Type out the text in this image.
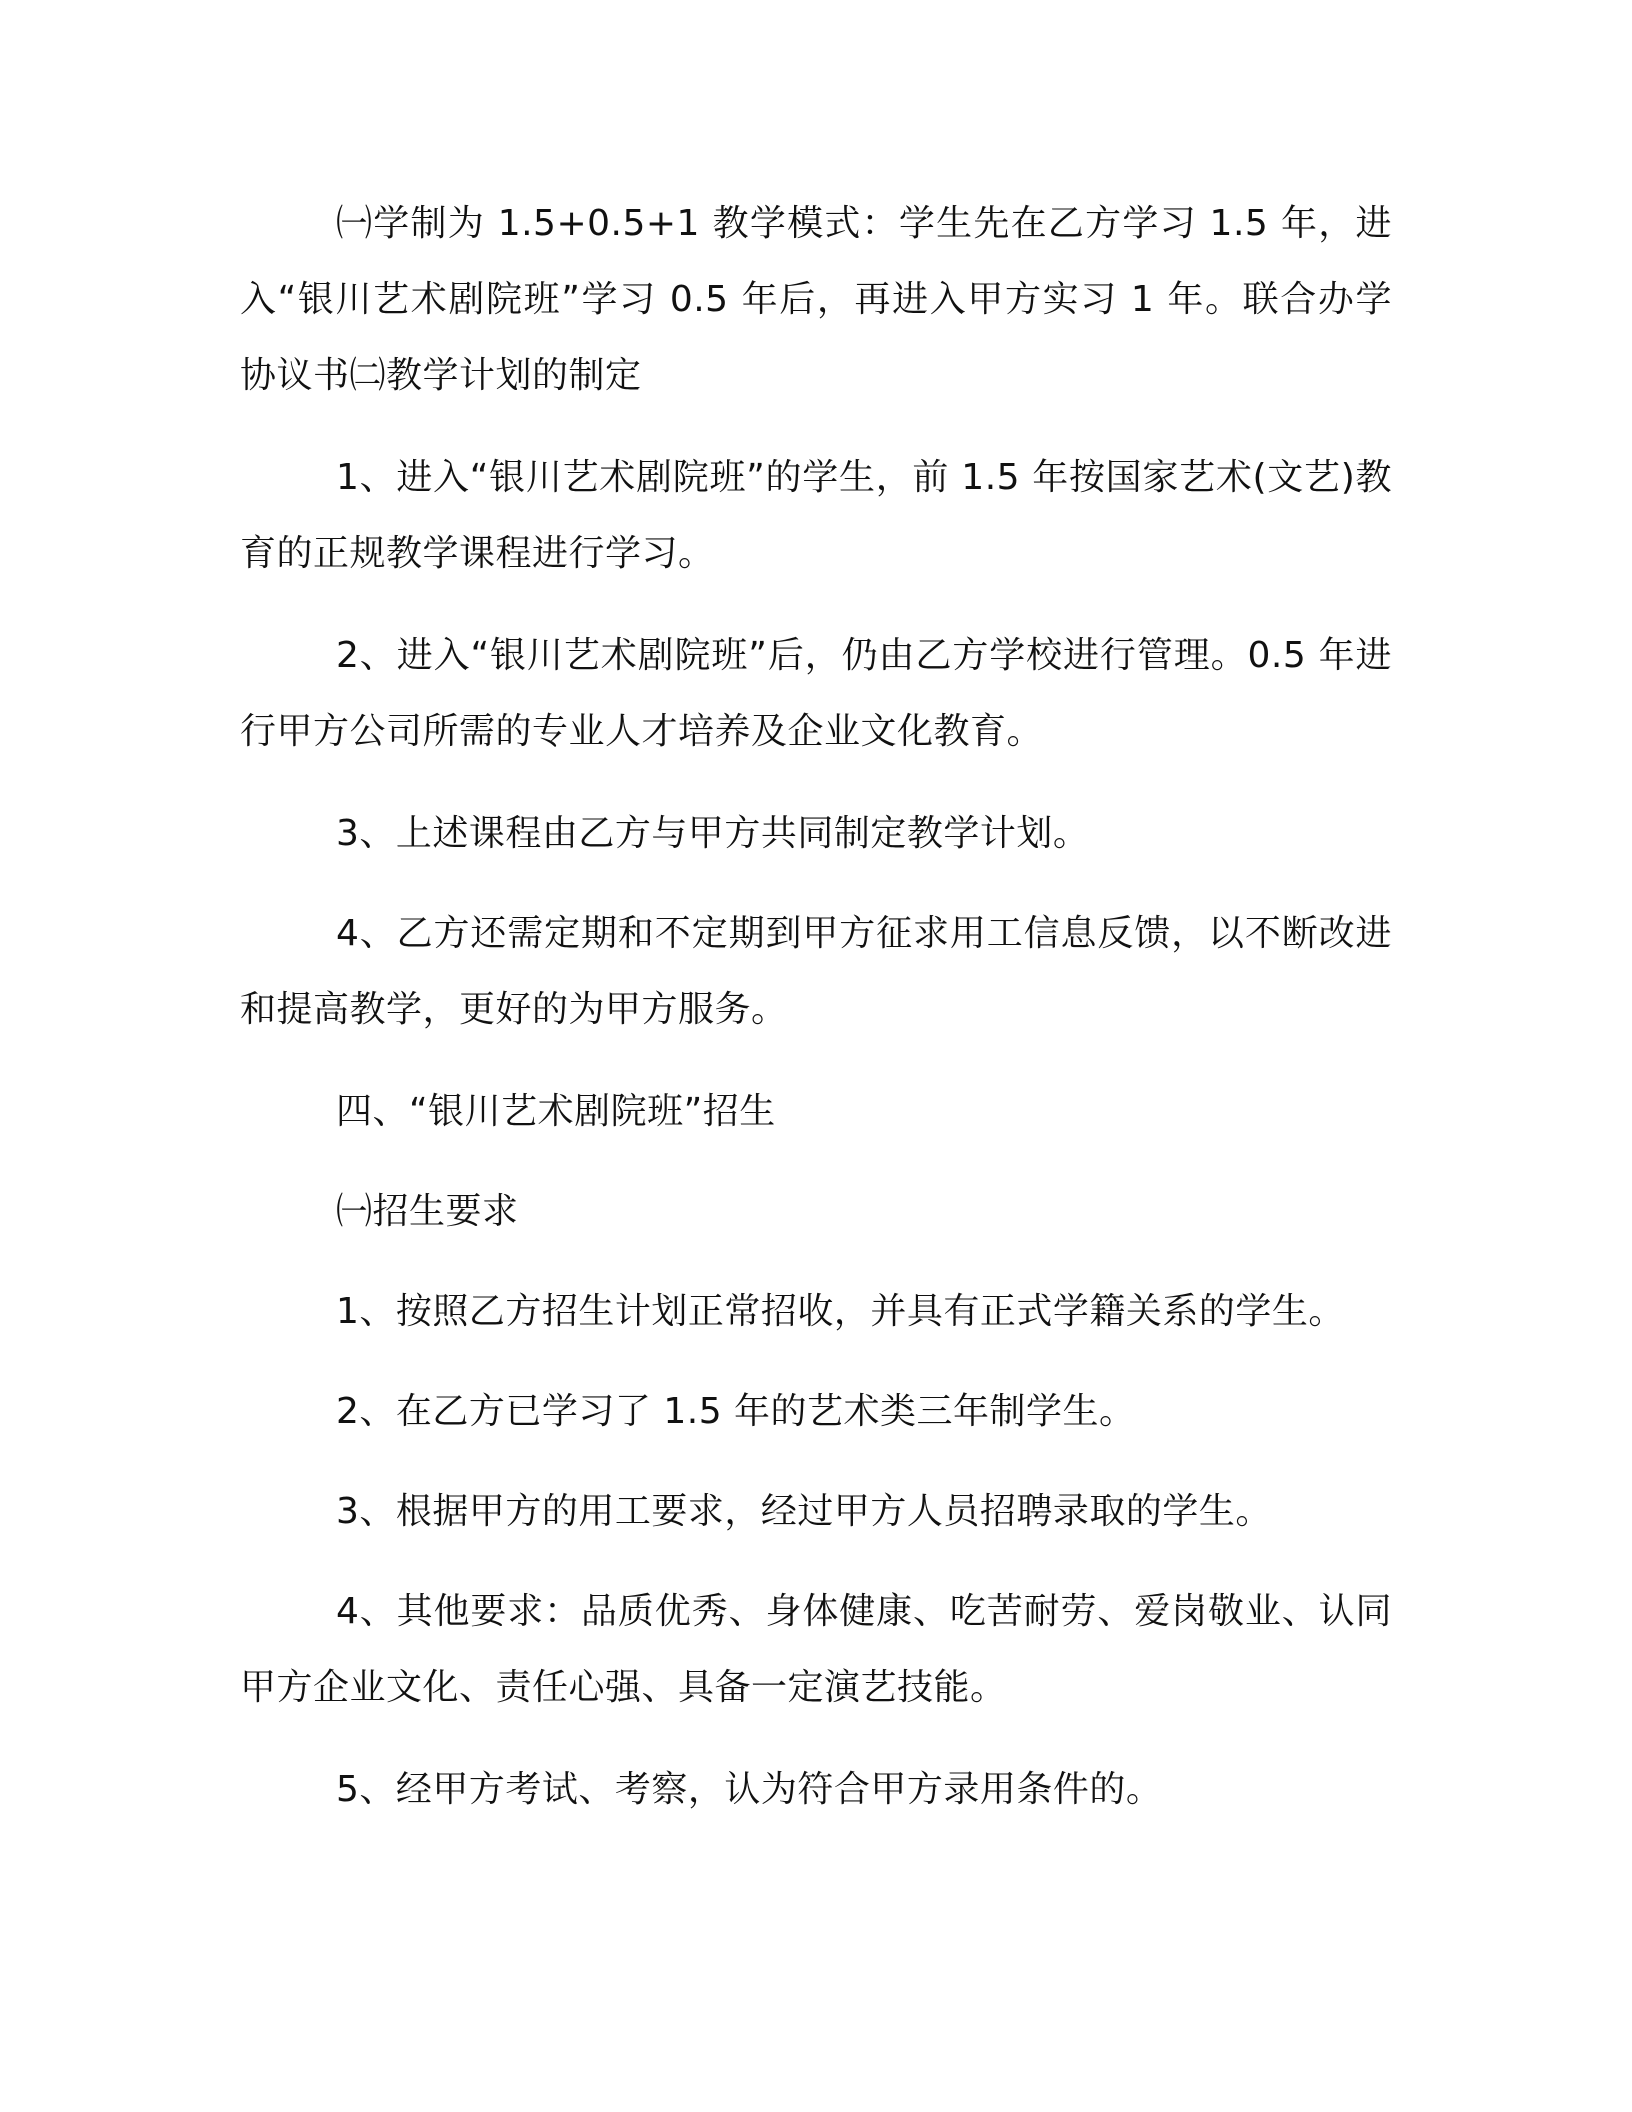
㈠学制为 1.5+0.5+1 教学模式：学生先在乙方学习 1.5 年，进入“银川艺术剧院班”学习 0.5 年后，再进入甲方实习 1 年。联合办学协议书㈡教学计划的制定

1、进入“银川艺术剧院班”的学生，前 1.5 年按国家艺术(文艺)教育的正规教学课程进行学习。

2、进入“银川艺术剧院班”后，仍由乙方学校进行管理。0.5 年进行甲方公司所需的专业人才培养及企业文化教育。

3、上述课程由乙方与甲方共同制定教学计划。

4、乙方还需定期和不定期到甲方征求用工信息反馈，以不断改进和提高教学，更好的为甲方服务。

四、“银川艺术剧院班”招生

㈠招生要求

1、按照乙方招生计划正常招收，并具有正式学籍关系的学生。

2、在乙方已学习了 1.5 年的艺术类三年制学生。

3、根据甲方的用工要求，经过甲方人员招聘录取的学生。

4、其他要求：品质优秀、身体健康、吃苦耐劳、爱岗敬业、认同甲方企业文化、责任心强、具备一定演艺技能。

5、经甲方考试、考察，认为符合甲方录用条件的。
